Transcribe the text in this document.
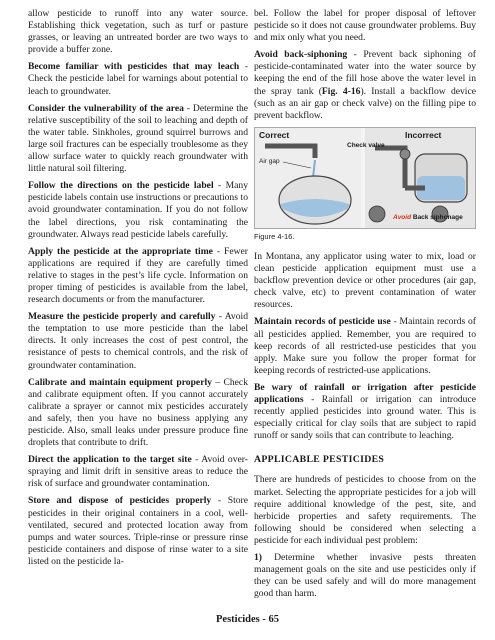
allow pesticide to runoff into any water source. Establishing thick vegetation, such as turf or pasture grasses, or leaving an untreated border are two ways to provide a buffer zone.

Become familiar with pesticides that may leach - Check the pesticide label for warnings about potential to leach to groundwater.

Consider the vulnerability of the area - Determine the relative susceptibility of the soil to leaching and depth of the water table. Sinkholes, ground squirrel burrows and large soil fractures can be especially troublesome as they allow surface water to quickly reach groundwater with little natural soil filtering.

Follow the directions on the pesticide label - Many pesticide labels contain use instructions or precautions to avoid groundwater contamination. If you do not follow the label directions, you risk contaminating the groundwater. Always read pesticide labels carefully.

Apply the pesticide at the appropriate time - Fewer applications are required if they are carefully timed relative to stages in the pest’s life cycle. Information on proper timing of pesticides is available from the label, research documents or from the manufacturer.

Measure the pesticide properly and carefully - Avoid the temptation to use more pesticide than the label directs. It only increases the cost of pest control, the resistance of pests to chemical controls, and the risk of groundwater contamination.

Calibrate and maintain equipment properly – Check and calibrate equipment often. If you cannot accurately calibrate a sprayer or cannot mix pesticides accurately and safely, then you have no business applying any pesticide. Also, small leaks under pressure produce fine droplets that contribute to drift.

Direct the application to the target site - Avoid over-spraying and limit drift in sensitive areas to reduce the risk of surface and groundwater contamination.

Store and dispose of pesticides properly - Store pesticides in their original containers in a cool, well-ventilated, secured and protected location away from pumps and water sources. Triple-rinse or pressure rinse pesticide containers and dispose of rinse water to a site listed on the pesticide la-

bel. Follow the label for proper disposal of leftover pesticide so it does not cause groundwater problems. Buy and mix only what you need.

Avoid back-siphoning - Prevent back siphoning of pesticide-contaminated water into the water source by keeping the end of the fill hose above the water level in the spray tank (Fig. 4-16). Install a backflow device (such as an air gap or check valve) on the filling pipe to prevent backflow.

Correct	Incorrect
Air gap
Check valve
Avoid Back siphonage
Figure 4-16.

In Montana, any applicator using water to mix, load or clean pesticide application equipment must use a backflow prevention device or other procedures (air gap, check valve, etc) to prevent contamination of water resources.

Maintain records of pesticide use - Maintain records of all pesticides applied. Remember, you are required to keep records of all restricted-use pesticides that you apply. Make sure you follow the proper format for keeping records of restricted-use applications.

Be wary of rainfall or irrigation after pesticide applications - Rainfall or irrigation can introduce recently applied pesticides into ground water. This is especially critical for clay soils that are subject to rapid runoff or sandy soils that can contribute to leaching.

APPLICABLE PESTICIDES

There are hundreds of pesticides to choose from on the market. Selecting the appropriate pesticides for a job will require additional knowledge of the pest, site, and herbicide properties and safety requirements. The following should be considered when selecting a pesticide for each individual pest problem:

1) Determine whether invasive pests threaten management goals on the site and use pesticides only if they can be used safely and will do more management good than harm.

Pesticides - 65
